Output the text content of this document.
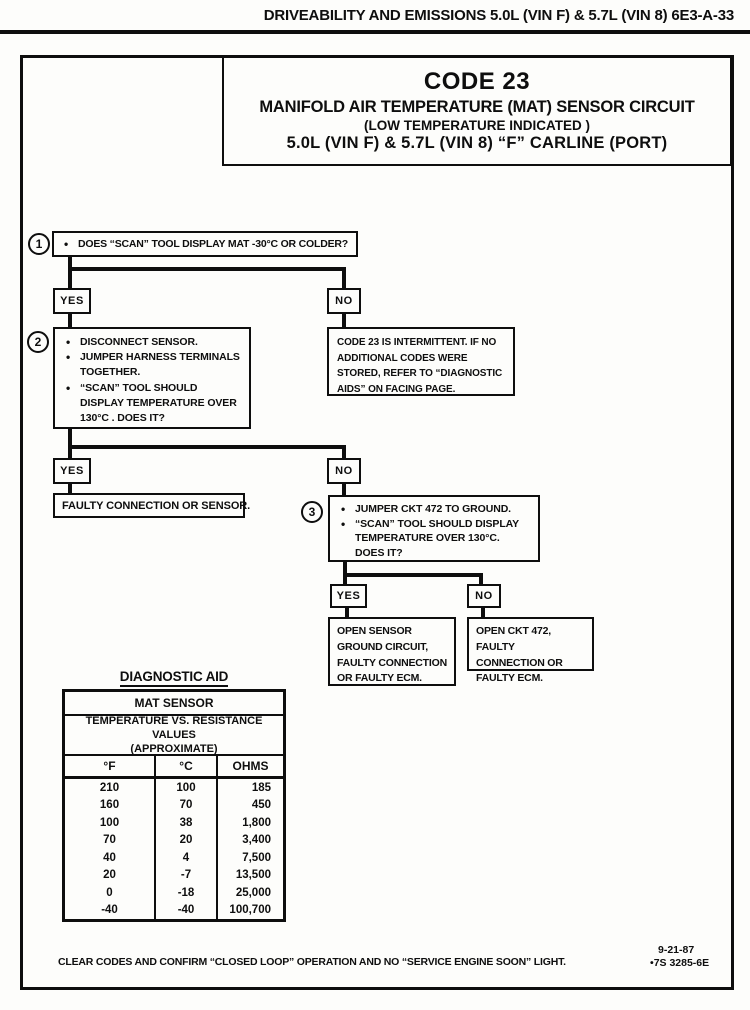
DRIVEABILITY AND EMISSIONS 5.0L (VIN F) & 5.7L (VIN 8) 6E3-A-33
CODE 23
MANIFOLD AIR TEMPERATURE (MAT) SENSOR CIRCUIT
(LOW TEMPERATURE INDICATED )
5.0L (VIN F) & 5.7L (VIN 8) “F” CARLINE (PORT)
1	• DOES “SCAN” TOOL DISPLAY MAT -30°C OR COLDER?
YES	NO
2	• DISCONNECT SENSOR.
• JUMPER HARNESS TERMINALS TOGETHER.
• “SCAN” TOOL SHOULD DISPLAY TEMPERATURE OVER 130°C . DOES IT?
CODE 23 IS INTERMITTENT. IF NO ADDITIONAL CODES WERE STORED, REFER TO “DIAGNOSTIC AIDS” ON FACING PAGE.
YES	NO
FAULTY CONNECTION OR SENSOR.	3	• JUMPER CKT 472 TO GROUND.
• “SCAN” TOOL SHOULD DISPLAY TEMPERATURE OVER 130°C. DOES IT?
YES	NO
OPEN SENSOR GROUND CIRCUIT, FAULTY CONNECTION OR FAULTY ECM.
OPEN CKT 472, FAULTY CONNECTION OR FAULTY ECM.
DIAGNOSTIC AID
MAT SENSOR
TEMPERATURE VS. RESISTANCE VALUES
(APPROXIMATE)
°F	°C	OHMS
210	100	185
160	70	450
100	38	1,800
70	20	3,400
40	4	7,500
20	-7	13,500
0	-18	25,000
-40	-40	100,700
CLEAR CODES AND CONFIRM “CLOSED LOOP” OPERATION AND NO “SERVICE ENGINE SOON” LIGHT.
9-21-87
• 7S 3285-6E
